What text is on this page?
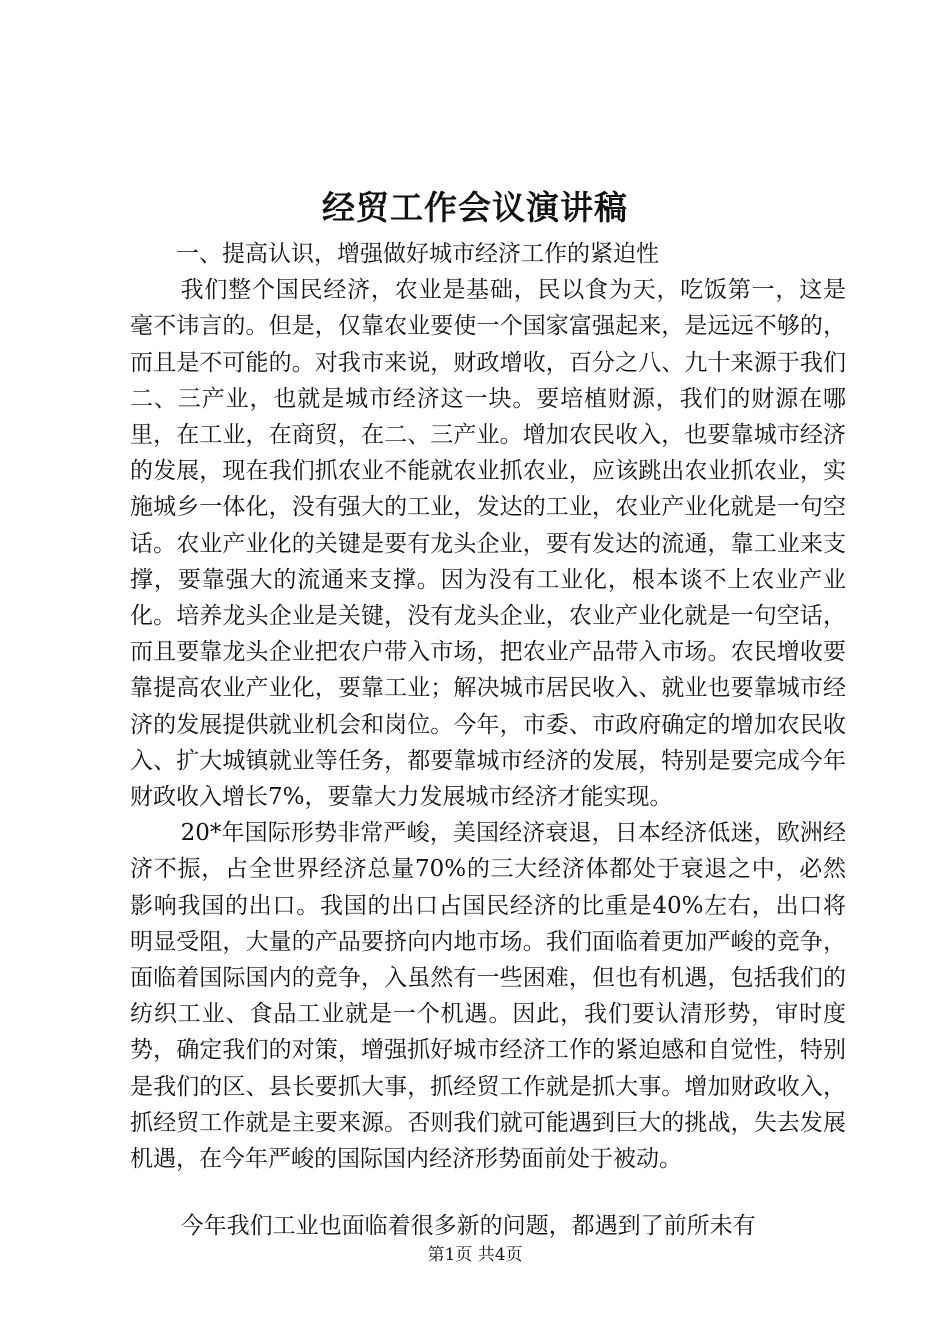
经贸工作会议演讲稿

一、提高认识，增强做好城市经济工作的紧迫性

我们整个国民经济，农业是基础，民以食为天，吃饭第一，这是毫不讳言的。但是，仅靠农业要使一个国家富强起来，是远远不够的，而且是不可能的。对我市来说，财政增收，百分之八、九十来源于我们二、三产业，也就是城市经济这一块。要培植财源，我们的财源在哪里，在工业，在商贸，在二、三产业。增加农民收入，也要靠城市经济的发展，现在我们抓农业不能就农业抓农业，应该跳出农业抓农业，实施城乡一体化，没有强大的工业，发达的工业，农业产业化就是一句空话。农业产业化的关键是要有龙头企业，要有发达的流通，靠工业来支撑，要靠强大的流通来支撑。因为没有工业化，根本谈不上农业产业化。培养龙头企业是关键，没有龙头企业，农业产业化就是一句空话，而且要靠龙头企业把农户带入市场，把农业产品带入市场。农民增收要靠提高农业产业化，要靠工业；解决城市居民收入、就业也要靠城市经济的发展提供就业机会和岗位。今年，市委、市政府确定的增加农民收入、扩大城镇就业等任务，都要靠城市经济的发展，特别是要完成今年财政收入增长7%，要靠大力发展城市经济才能实现。

20*年国际形势非常严峻，美国经济衰退，日本经济低迷，欧洲经济不振，占全世界经济总量70%的三大经济体都处于衰退之中，必然影响我国的出口。我国的出口占国民经济的比重是40%左右，出口将明显受阻，大量的产品要挤向内地市场。我们面临着更加严峻的竞争，面临着国际国内的竞争，入虽然有一些困难，但也有机遇，包括我们的纺织工业、食品工业就是一个机遇。因此，我们要认清形势，审时度势，确定我们的对策，增强抓好城市经济工作的紧迫感和自觉性，特别是我们的区、县长要抓大事，抓经贸工作就是抓大事。增加财政收入，抓经贸工作就是主要来源。否则我们就可能遇到巨大的挑战，失去发展机遇，在今年严峻的国际国内经济形势面前处于被动。

今年我们工业也面临着很多新的问题，都遇到了前所未有

第1页 共4页
